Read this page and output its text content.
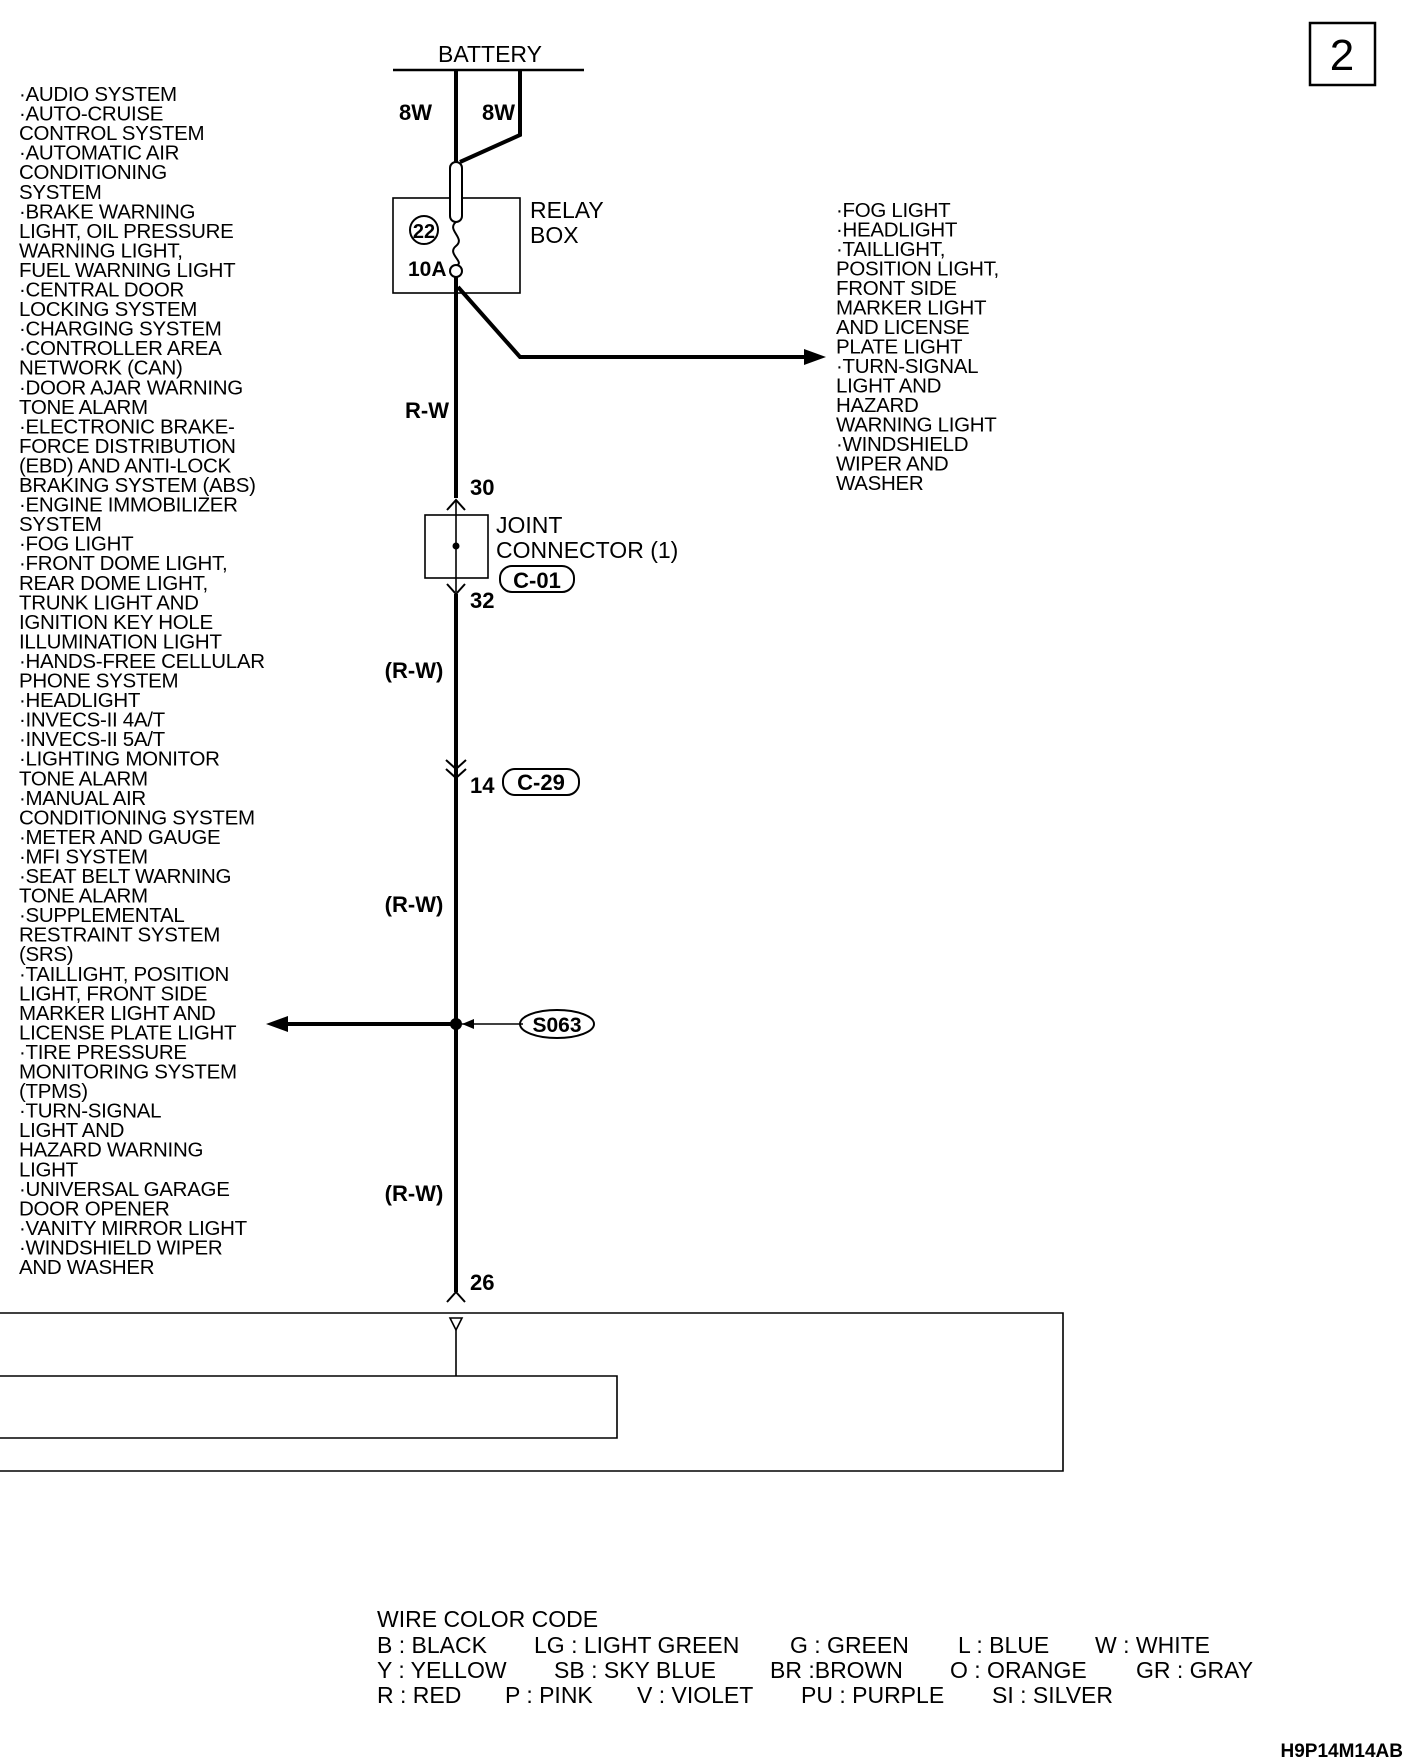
2
BATTERY
8W 8W
RELAY
BOX
22
10A
R-W
·FOG LIGHT
·HEADLIGHT
·TAILLIGHT,
POSITION LIGHT,
FRONT SIDE
MARKER LIGHT
AND LICENSE
PLATE LIGHT
·TURN-SIGNAL
LIGHT AND
HAZARD
WARNING LIGHT
·WINDSHIELD
WIPER AND
WASHER
30
JOINT
CONNECTOR (1)
C-01
32
(R-W)
14 C-29
(R-W)
S063
(R-W)
26
·AUDIO SYSTEM
·AUTO-CRUISE
CONTROL SYSTEM
·AUTOMATIC AIR
CONDITIONING
SYSTEM
·BRAKE WARNING
LIGHT, OIL PRESSURE
WARNING LIGHT,
FUEL WARNING LIGHT
·CENTRAL DOOR
LOCKING SYSTEM
·CHARGING SYSTEM
·CONTROLLER AREA
NETWORK (CAN)
·DOOR AJAR WARNING
TONE ALARM
·ELECTRONIC BRAKE-
FORCE DISTRIBUTION
(EBD) AND ANTI-LOCK
BRAKING SYSTEM (ABS)
·ENGINE IMMOBILIZER
SYSTEM
·FOG LIGHT
·FRONT DOME LIGHT,
REAR DOME LIGHT,
TRUNK LIGHT AND
IGNITION KEY HOLE
ILLUMINATION LIGHT
·HANDS-FREE CELLULAR
PHONE SYSTEM
·HEADLIGHT
·INVECS-II 4A/T
·INVECS-II 5A/T
·LIGHTING MONITOR
TONE ALARM
·MANUAL AIR
CONDITIONING SYSTEM
·METER AND GAUGE
·MFI SYSTEM
·SEAT BELT WARNING
TONE ALARM
·SUPPLEMENTAL
RESTRAINT SYSTEM
(SRS)
·TAILLIGHT, POSITION
LIGHT, FRONT SIDE
MARKER LIGHT AND
LICENSE PLATE LIGHT
·TIRE PRESSURE
MONITORING SYSTEM
(TPMS)
·TURN-SIGNAL
LIGHT AND
HAZARD WARNING
LIGHT
·UNIVERSAL GARAGE
DOOR OPENER
·VANITY MIRROR LIGHT
·WINDSHIELD WIPER
AND WASHER
WIRE COLOR CODE
B : BLACK LG : LIGHT GREEN G : GREEN L : BLUE W : WHITE
Y : YELLOW SB : SKY BLUE BR :BROWN O : ORANGE GR : GRAY
R : RED P : PINK V : VIOLET PU : PURPLE SI : SILVER
H9P14M14AB
